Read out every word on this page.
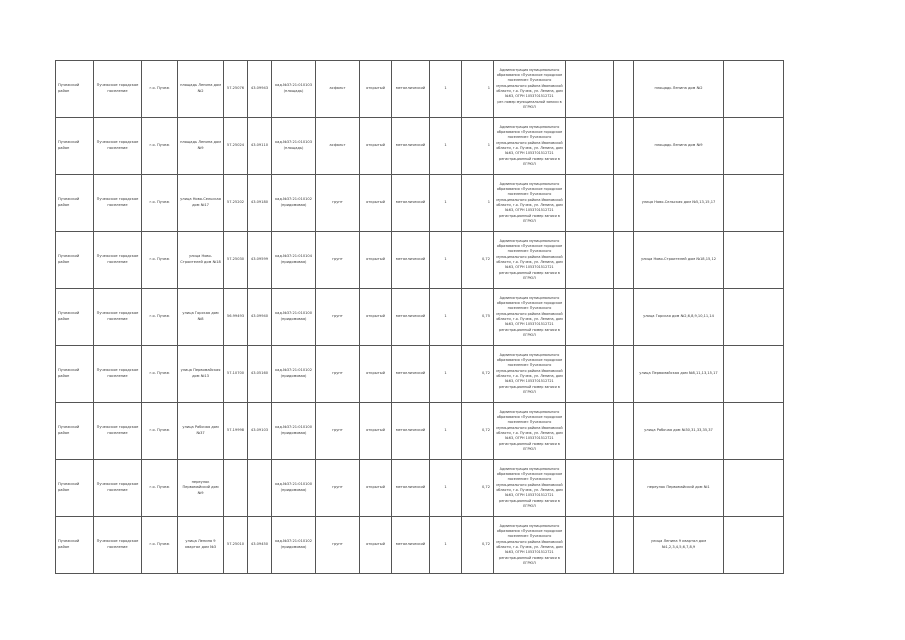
Пучежский район	Пучежское городское поселение	г.о. Пучеж	площадь Ленина дом №2	57.25076	43.09943	кад.№37:21:010103 (площадь)	асфальт	открытый	металлический	1	1	Администрация муниципального образования «Пучежское городское поселение» Пучежского муниципального района Ивановской области, г.о. Пучеж, ул. Ленина, дом №63, ОГРН 1053701512721 рег.номер муниципальной записи в ЕГРЮЛ			площадь Ленина дом №2	
Пучежский район	Пучежское городское поселение	г.о. Пучеж	площадь Ленина дом №9	57.25024	43.09110	кад.№37:21:010103 (площадь)	асфальт	открытый	металлический	1	1	Администрация муниципального образования «Пучежское городское поселение» Пучежского муниципального района Ивановской области, г.о. Пучеж, ул. Ленина, дом №63, ОГРН 1053701512721 регистрационный номер записи в ЕГРЮЛ			площадь Ленина дом №9	
Пучежский район	Пучежское городское поселение	г.о. Пучеж	улица Ново-Сельская дом №17	57.25202	43.09180	кад.№37:21:010102 (придомовая)	грунт	открытый	металлический	1	1	Администрация муниципального образования «Пучежское городское поселение» Пучежского муниципального района Ивановской области, г.о. Пучеж, ул. Ленина, дом №63, ОГРН 1053701512721 регистрационный номер записи в ЕГРЮЛ			улица Ново-Сельская дом №5,13,15,17	
Пучежский район	Пучежское городское поселение	г.о. Пучеж	улица Ново-Строителей дом №18	57.25030	43.09599	кад.№37:21:010104 (придомовая)	грунт	открытый	металлический	1	0,72	Администрация муниципального образования «Пучежское городское поселение» Пучежского муниципального района Ивановской области, г.о. Пучеж, ул. Ленина, дом №63, ОГРН 1053701512721 регистрационный номер записи в ЕГРЮЛ			улица Ново-Строителей дом №18,15,12	
Пучежский район	Пучежское городское поселение	г.о. Пучеж	улица Горская дом №8	56.99493	43.09940	кад.№37:21:010100 (придомовая)	грунт	открытый	металлический	1	0,75	Администрация муниципального образования «Пучежское городское поселение» Пучежского муниципального района Ивановской области, г.о. Пучеж, ул. Ленина, дом №63, ОГРН 1053701512721 регистрационный номер записи в ЕГРЮЛ			улица Горская дом №2,6,8,9,10,11,14	
Пучежский район	Пучежское городское поселение	г.о. Пучеж	улица Первомайская дом №13	57.10700	43.05160	кад.№37:21:010102 (придомовая)	грунт	открытый	металлический	1	0,72	Администрация муниципального образования «Пучежское городское поселение» Пучежского муниципального района Ивановской области, г.о. Пучеж, ул. Ленина, дом №63, ОГРН 1053701512721 регистрационный номер записи в ЕГРЮЛ			улица Первомайская дом №8,11,13,15,17	
Пучежский район	Пучежское городское поселение	г.о. Пучеж	улица Рабочая дом №37	57.19998	43.09103	кад.№37:21:010100 (придомовая)	грунт	открытый	металлический	1	0,72	Администрация муниципального образования «Пучежское городское поселение» Пучежского муниципального района Ивановской области, г.о. Пучеж, ул. Ленина, дом №63, ОГРН 1053701512721 регистрационный номер записи в ЕГРЮЛ			улица Рабочая дом №30,31,33,35,37	
Пучежский район	Пучежское городское поселение	г.о. Пучеж	переулок Первомайский дом №9			кад.№37:21:010100 (придомовая)	грунт	открытый	металлический	1	0,72	Администрация муниципального образования «Пучежское городское поселение» Пучежского муниципального района Ивановской области, г.о. Пучеж, ул. Ленина, дом №63, ОГРН 1053701512721 регистрационный номер записи в ЕГРЮЛ			переулок Первомайский дом №1	
Пучежский район	Пучежское городское поселение	г.о. Пучеж	улица Ленина 9 квартал дом №3	57.25010	43.09450	кад.№37:21:010102 (придомовая)	грунт	открытый	металлический	1	0,72	Администрация муниципального образования «Пучежское городское поселение» Пучежского муниципального района Ивановской области, г.о. Пучеж, ул. Ленина, дом №63, ОГРН 1053701512721 регистрационный номер записи в ЕГРЮЛ			улица Ленина 9 квартал дом №1,2,3,4,5,6,7,8,9	
